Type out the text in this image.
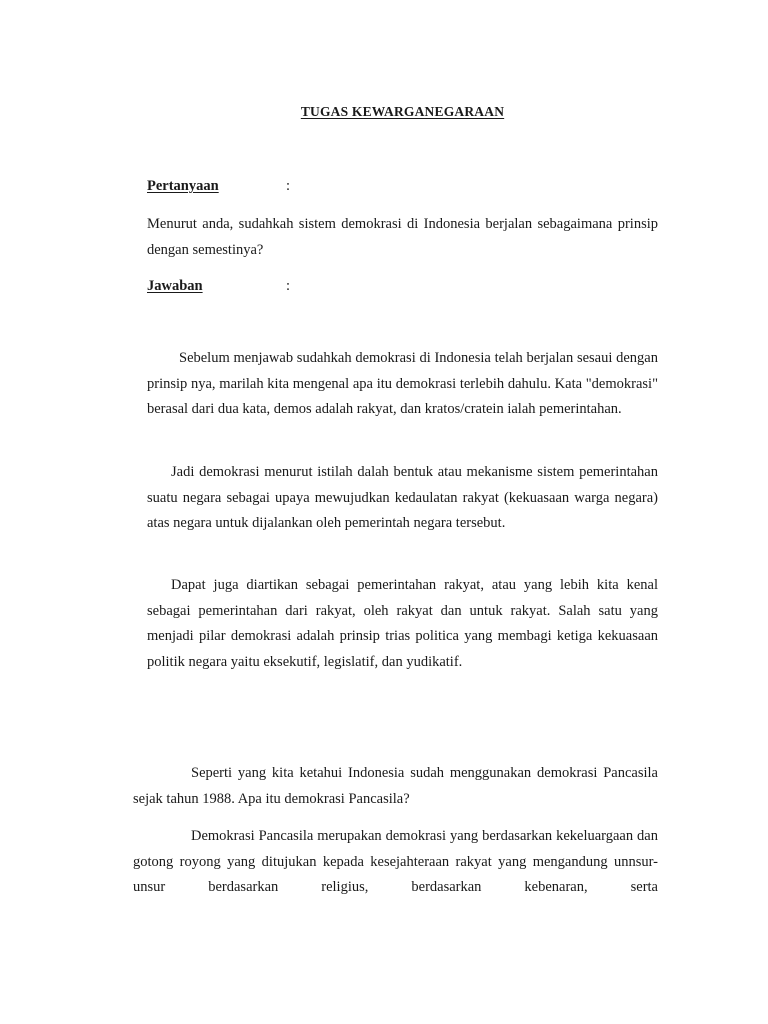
TUGAS KEWARGANEGARAAN
Pertanyaan	:
Menurut anda, sudahkah sistem demokrasi di Indonesia berjalan sebagaimana prinsip dengan semestinya?
Jawaban	:
Sebelum menjawab sudahkah demokrasi di Indonesia telah berjalan sesaui dengan prinsip nya, marilah kita mengenal apa itu demokrasi terlebih dahulu. Kata "demokrasi" berasal dari dua kata, demos adalah rakyat, dan kratos/cratein ialah pemerintahan.
Jadi demokrasi menurut istilah dalah bentuk atau mekanisme sistem pemerintahan suatu negara sebagai upaya mewujudkan kedaulatan rakyat (kekuasaan warga negara) atas negara untuk dijalankan oleh pemerintah negara tersebut.
Dapat juga diartikan sebagai pemerintahan rakyat, atau yang lebih kita kenal sebagai pemerintahan dari rakyat, oleh rakyat dan untuk rakyat. Salah satu yang menjadi pilar demokrasi adalah prinsip trias politica yang membagi ketiga kekuasaan politik negara yaitu eksekutif, legislatif, dan yudikatif.
Seperti yang kita ketahui Indonesia sudah menggunakan demokrasi Pancasila sejak tahun 1988. Apa itu demokrasi Pancasila?
Demokrasi Pancasila merupakan demokrasi yang berdasarkan kekeluargaan dan gotong royong yang ditujukan kepada kesejahteraan rakyat yang mengandung unnsur-unsur berdasarkan religius, berdasarkan kebenaran, serta
